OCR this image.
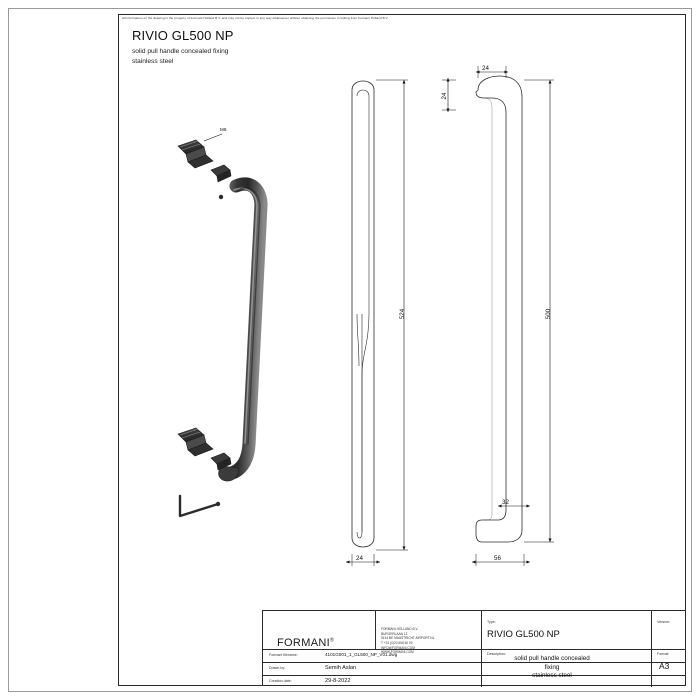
All information on the drawing is the property of Formani Holland B.V. and may not be copied, in any way whatsoever without obtaining the permission in writing from Formani Holland B.V.
RIVIO GL500 NP
solid pull handle concealed fixing
stainless steel
M8
24
524
24
24
500
32
56
FORMANI®
FORMANI HOLLAND B.V.
BURGERLAAN 12
9134 BE MAASTRICHT AIRPORT NL
T +31 (0)20 658 60 00
INFO@FORMANI.COM
WWW.FORMANI.COM
Type:	Version:
RIVIO GL500 NP
Formani filename:	4101G001_1_GL500_NP_V01.dwg	Description:
solid pull handle concealed
fixing
stainless steel
Format:
A3
Drawn by:	Semih Aslan
Creation date:	29-8-2022
